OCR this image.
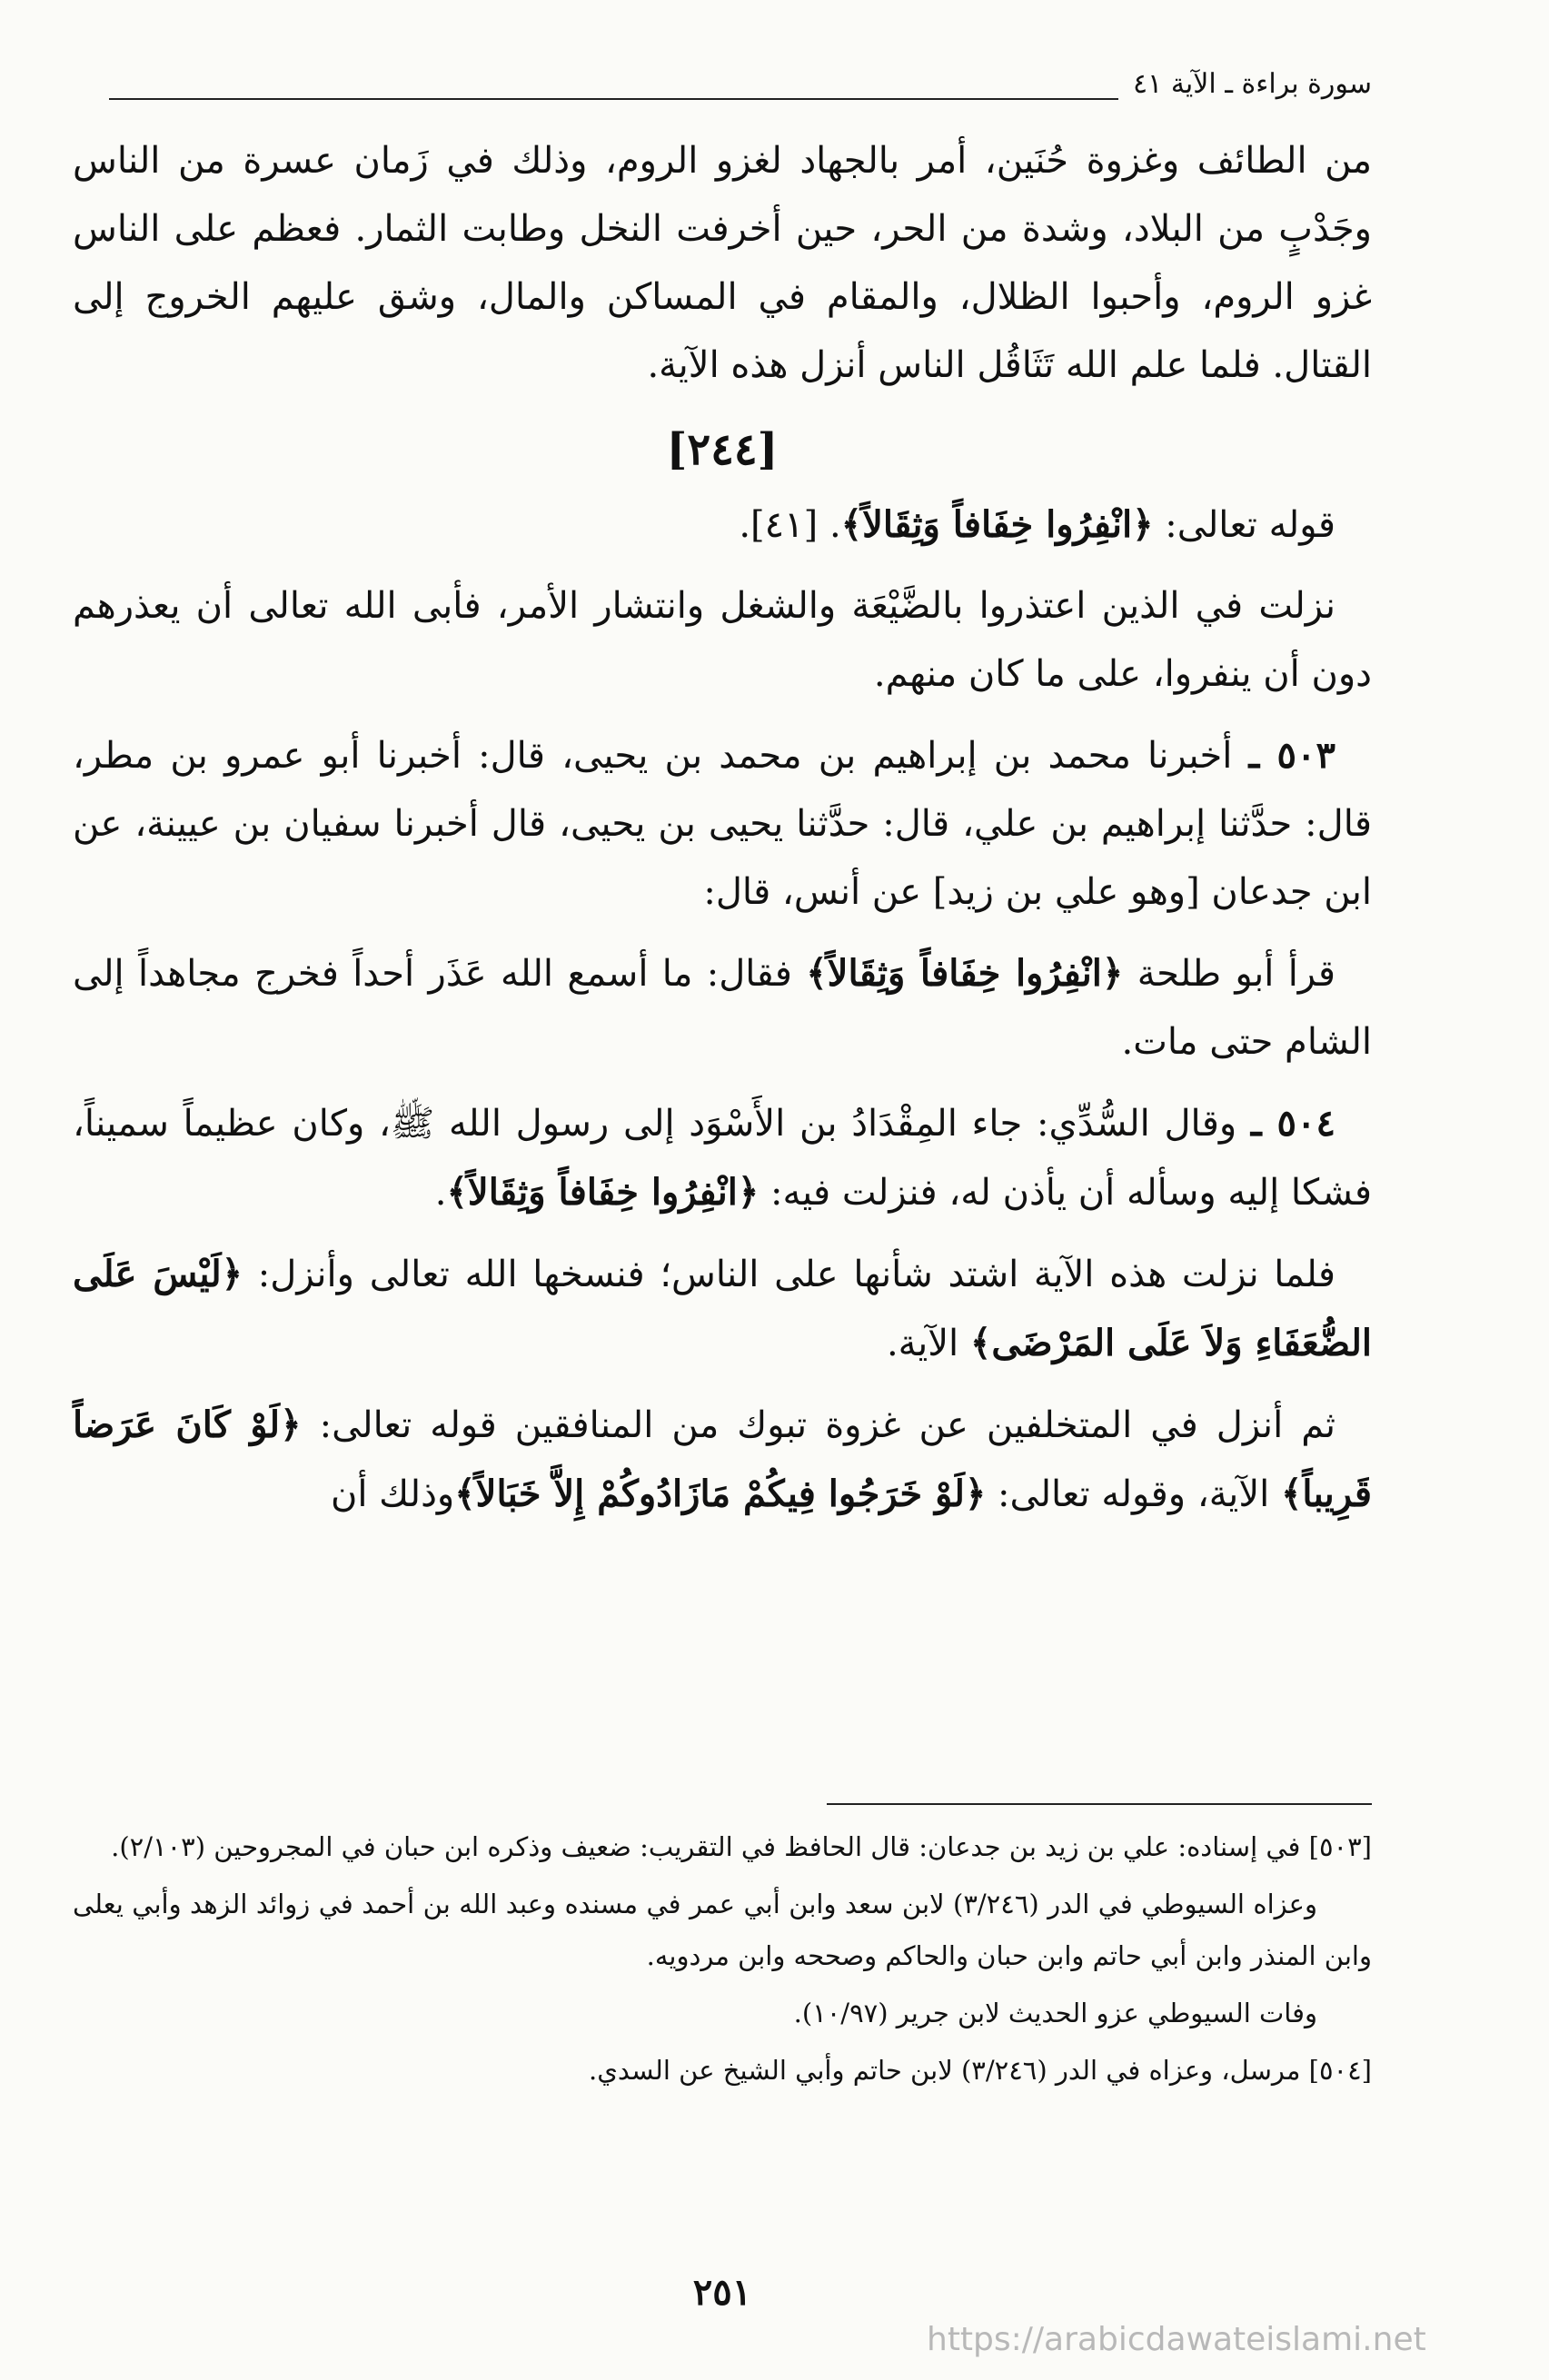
سورة براءة ـ الآية ٤١

من الطائف وغزوة حُنَين، أمر بالجهاد لغزو الروم، وذلك في زَمان عسرة من الناس وجَدْبٍ من البلاد، وشدة من الحر، حين أخرفت النخل وطابت الثمار. فعظم على الناس غزو الروم، وأحبوا الظلال، والمقام في المساكن والمال، وشق عليهم الخروج إلى القتال. فلما علم الله تَثَاقُل الناس أنزل هذه الآية.

[٢٤٤]

قوله تعالى: ﴿انْفِرُوا خِفَافاً وَثِقَالاً﴾. [٤١].

نزلت في الذين اعتذروا بالضَّيْعَة والشغل وانتشار الأمر، فأبى الله تعالى أن يعذرهم دون أن ينفروا، على ما كان منهم.

٥٠٣ ـ أخبرنا محمد بن إبراهيم بن محمد بن يحيى، قال: أخبرنا أبو عمرو بن مطر، قال: حدَّثنا إبراهيم بن علي، قال: حدَّثنا يحيى بن يحيى، قال أخبرنا سفيان بن عيينة، عن ابن جدعان [وهو علي بن زيد] عن أنس، قال:

قرأ أبو طلحة ﴿انْفِرُوا خِفَافاً وَثِقَالاً﴾ فقال: ما أسمع الله عَذَر أحداً فخرج مجاهداً إلى الشام حتى مات.

٥٠٤ ـ وقال السُّدِّي: جاء المِقْدَادُ بن الأَسْوَد إلى رسول الله ﷺ، وكان عظيماً سميناً، فشكا إليه وسأله أن يأذن له، فنزلت فيه: ﴿انْفِرُوا خِفَافاً وَثِقَالاً﴾.

فلما نزلت هذه الآية اشتد شأنها على الناس؛ فنسخها الله تعالى وأنزل: ﴿لَيْسَ عَلَى الضُّعَفَاءِ وَلاَ عَلَى المَرْضَى﴾ الآية.

ثم أنزل في المتخلفين عن غزوة تبوك من المنافقين قوله تعالى: ﴿لَوْ كَانَ عَرَضاً قَرِيباً﴾ الآية، وقوله تعالى: ﴿لَوْ خَرَجُوا فِيكُمْ مَازَادُوكُمْ إِلاَّ خَبَالاً﴾وذلك أن

[٥٠٣] في إسناده: علي بن زيد بن جدعان: قال الحافظ في التقريب: ضعيف وذكره ابن حبان في المجروحين (٢/١٠٣).

وعزاه السيوطي في الدر (٣/٢٤٦) لابن سعد وابن أبي عمر في مسنده وعبد الله بن أحمد في زوائد الزهد وأبي يعلى وابن المنذر وابن أبي حاتم وابن حبان والحاكم وصححه وابن مردويه.

وفات السيوطي عزو الحديث لابن جرير (١٠/٩٧).

[٥٠٤] مرسل، وعزاه في الدر (٣/٢٤٦) لابن حاتم وأبي الشيخ عن السدي.

٢٥١
https://arabicdawateislami.net
